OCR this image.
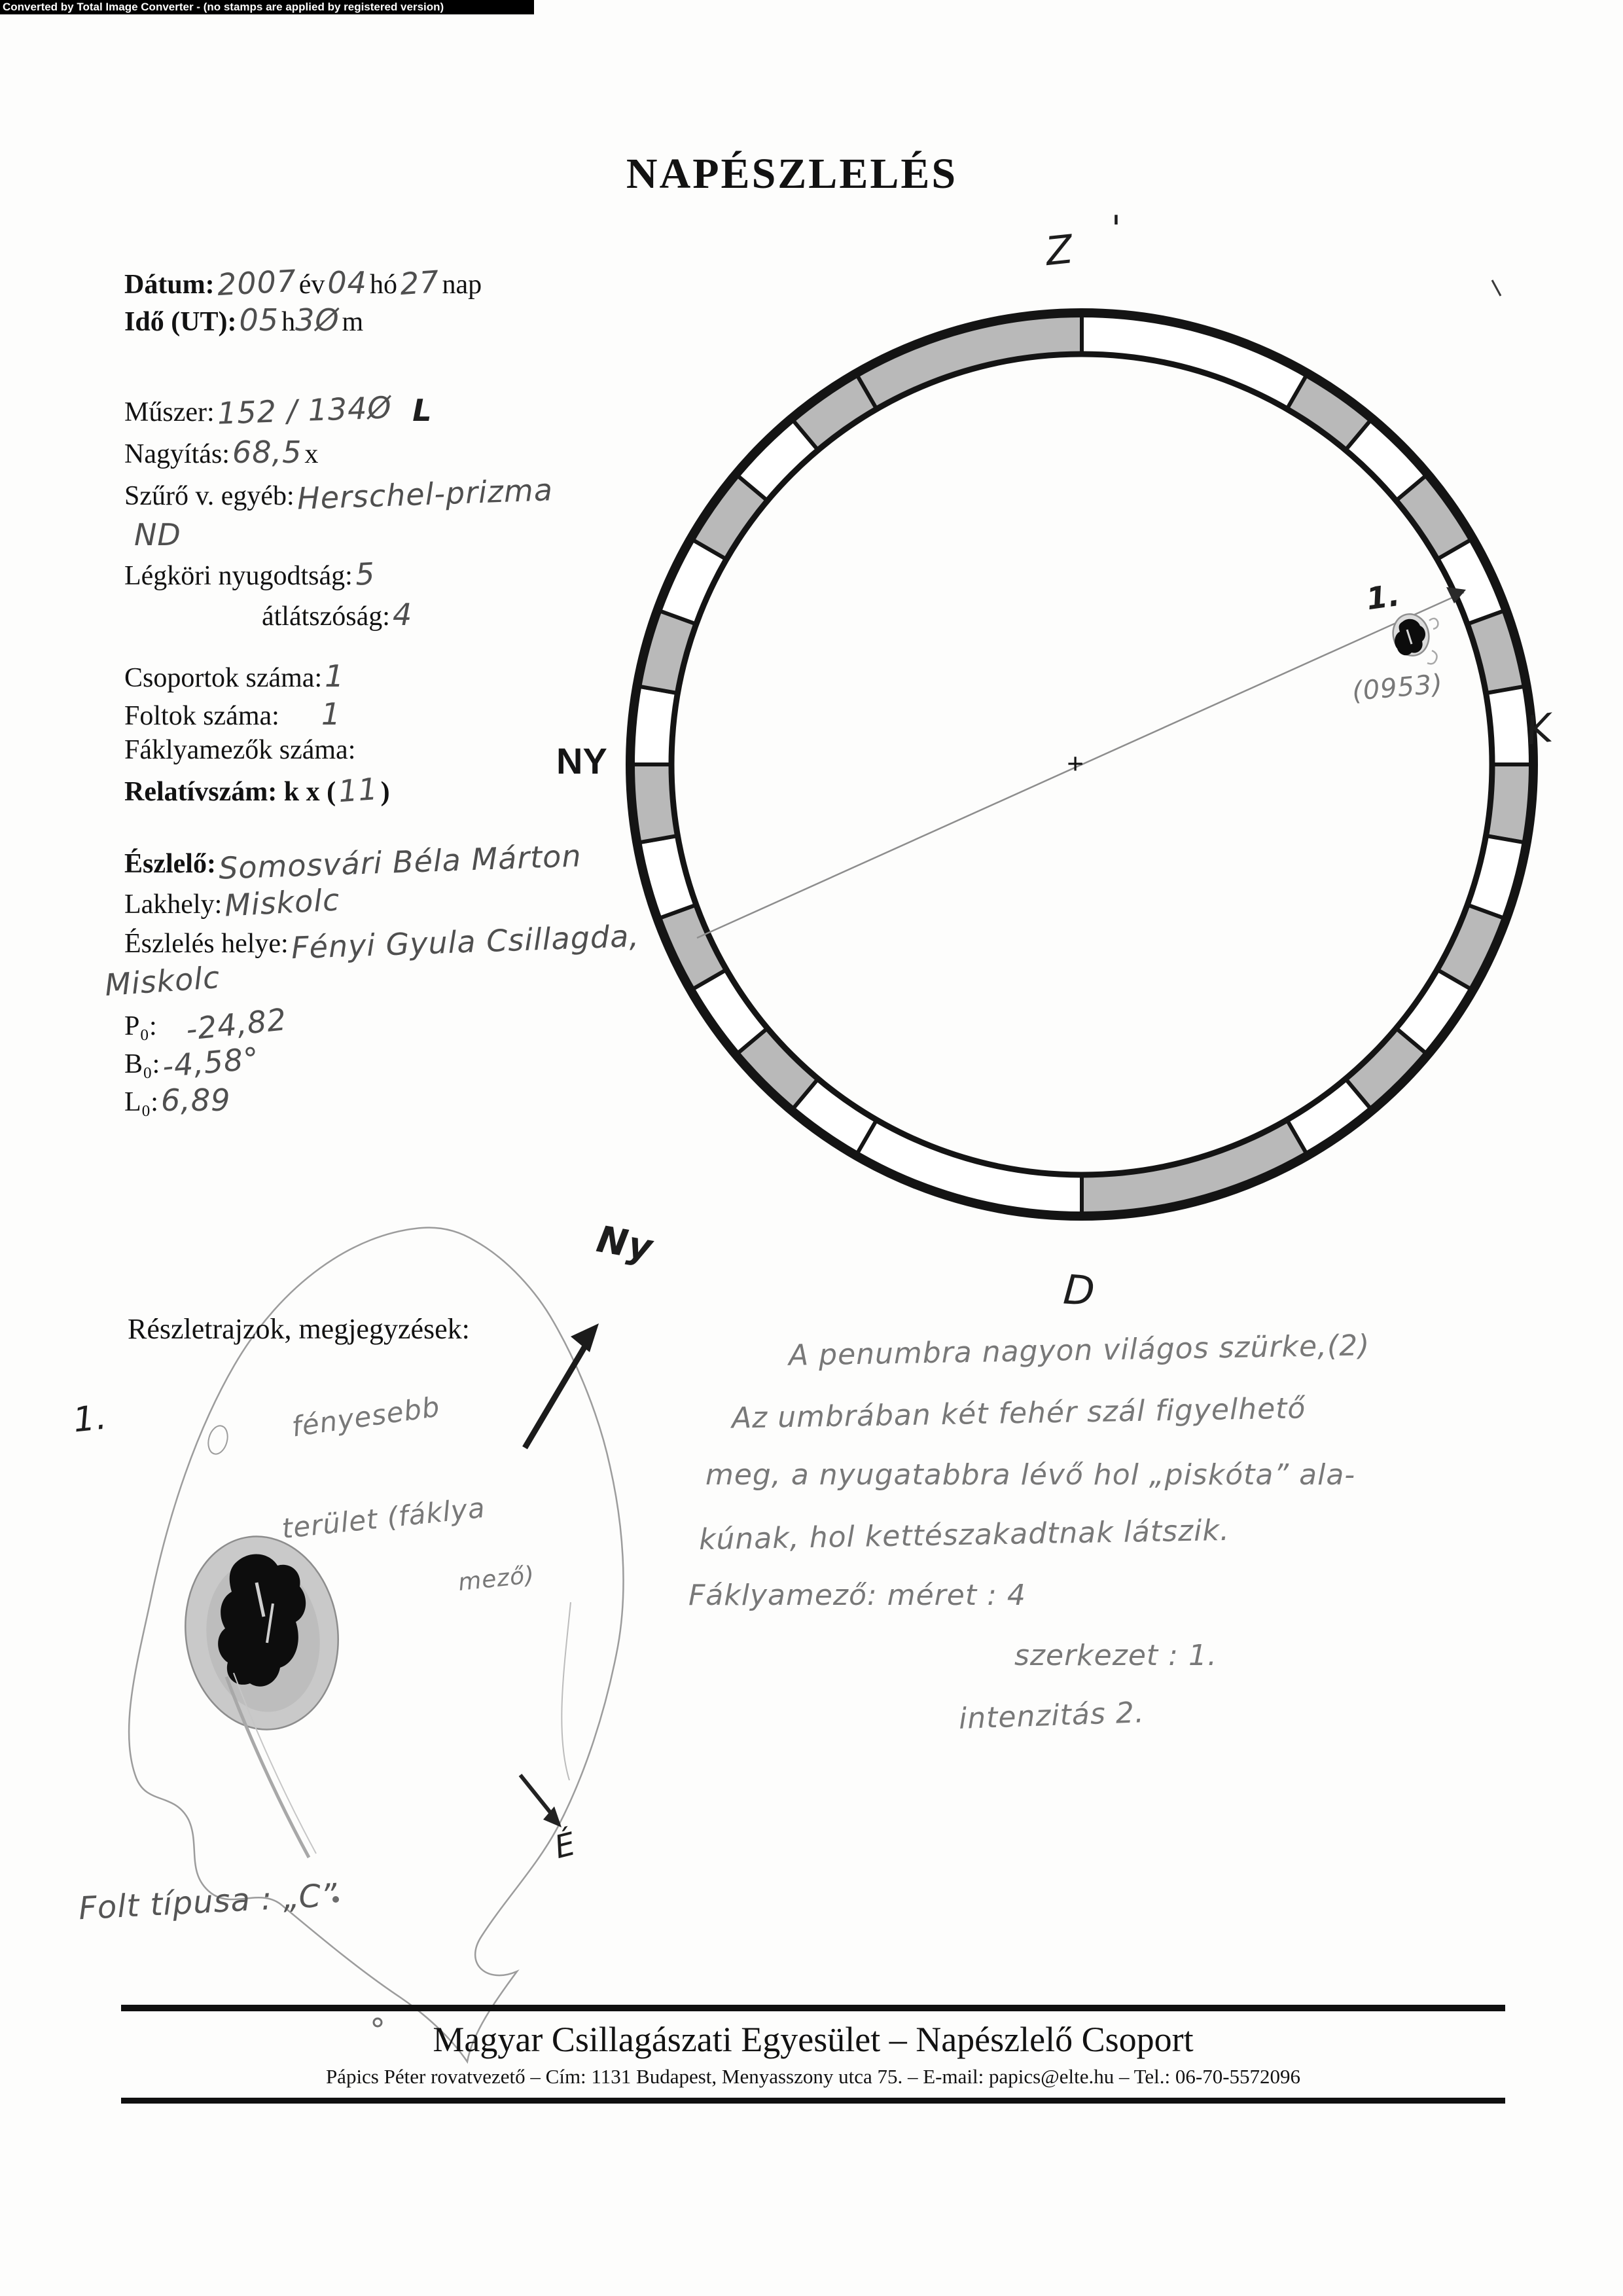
Converted by Total Image Converter - (no stamps are applied by registered version)
NAPÉSZLELÉS
Dátum: 2007 év 04 hó 27 nap
Idő (UT): 05 h3Ø m
Műszer: 152 / 134Ø L
Nagyítás: 68,5 x
Szűrő v. egyéb: Herschel-prizma
ND
Légköri nyugodtság: 5
átlátszóság: 4
Csoportok száma: 1
Foltok száma: 1
Fáklyamezők száma:
Relatívszám: k x ( 11 )
Észlelő: Somosvári Béla Márton
Lakhely: Miskolc
Észlelés helye: Fényi Gyula Csillagda,
Miskolc
P₀: -24,82
B₀: -4,58°
L₀: 6,89
Z '
D
NY
K
+
1.
(0953)
Részletrajzok, megjegyzések:
1.	fényesebb
terület (fáklya
mező)
Ny
É
A penumbra nagyon világos szürke,(2)
Az umbrában két fehér szál figyelhető
meg, a nyugatabbra lévő hol „piskóta” ala-
kúnak, hol kettészakadtnak látszik.
Fáklyamező: méret : 4
szerkezet : 1.
intenzitás 2.
Folt típusa : „C”
Magyar Csillagászati Egyesület – Napészlelő Csoport
Pápics Péter rovatvezető – Cím: 1131 Budapest, Menyasszony utca 75. – E-mail: papics@elte.hu – Tel.: 06-70-5572096
